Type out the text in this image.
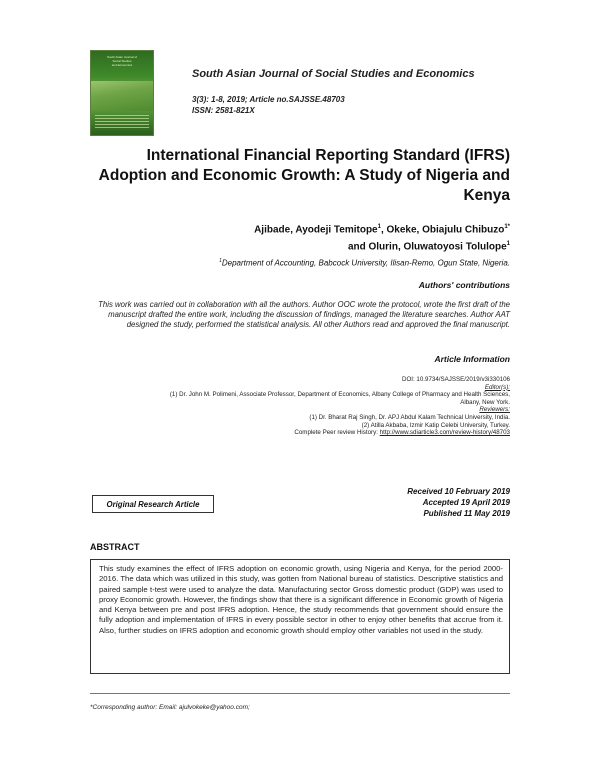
South Asian Journal of
Social Studies
and Economics
South Asian Journal of Social Studies and Economics
3(3): 1-8, 2019; Article no.SAJSSE.48703
ISSN: 2581-821X
International Financial Reporting Standard (IFRS) Adoption and Economic Growth: A Study of Nigeria and Kenya
Ajibade, Ayodeji Temitope$^1$, Okeke, Obiajulu Chibuzo$^{1*}$
and Olurin, Oluwatoyosi Tolulope$^1$
$^1$Department of Accounting, Babcock University, Ilisan-Remo, Ogun State, Nigeria.
Authors' contributions
This work was carried out in collaboration with all the authors. Author OOC wrote the protocol, wrote the first draft of the manuscript drafted the entire work, including the discussion of findings, managed the literature searches. Author AAT designed the study, performed the statistical analysis. All other Authors read and approved the final manuscript.
Article Information
DOI: 10.9734/SAJSSE/2019/v3i330106
Editor(s):
(1) Dr. John M. Polimeni, Associate Professor, Department of Economics, Albany College of Pharmacy and Health Sciences,
Albany, New York.
Reviewers:
(1) Dr. Bharat Raj Singh, Dr. APJ Abdul Kalam Technical University, India.
(2) Atilla Akbaba, Izmir Katip Celebi University, Turkey.
Complete Peer review History: http://www.sdiarticle3.com/review-history/48703
Original Research Article
Received 10 February 2019
Accepted 19 April 2019
Published 11 May 2019
ABSTRACT
This study examines the effect of IFRS adoption on economic growth, using Nigeria and Kenya, for the period 2000-2016. The data which was utilized in this study, was gotten from National bureau of statistics. Descriptive statistics and paired sample t-test were used to analyze the data. Manufacturing sector Gross domestic product (GDP) was used to proxy Economic growth. However, the findings show that there is a significant difference in Economic growth of Nigeria and Kenya between pre and post IFRS adoption. Hence, the study recommends that government should ensure the fully adoption and implementation of IFRS in every possible sector in other to enjoy other benefits that accrue from it. Also, further studies on IFRS adoption and economic growth should employ other variables not used in the study.
*Corresponding author: Email: ajulvokeke@yahoo.com;
